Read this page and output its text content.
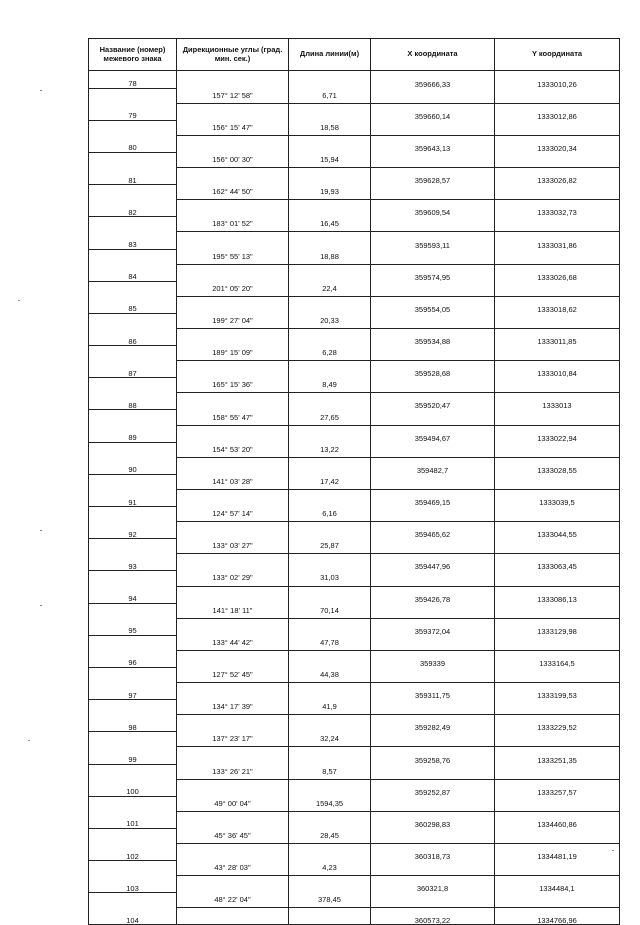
Название (номер) межевого знака	Дирекционные углы (град. мин. сек.)	Длина линии(м)	X координата	Y координата
78			359666,33	1333010,26
	157° 12' 58"	6,71		
79			359660,14	1333012,86
	156° 15' 47"	18,58		
80			359643,13	1333020,34
	156° 00' 30"	15,94		
81			359628,57	1333026,82
	162° 44' 50"	19,93		
82			359609,54	1333032,73
	183° 01' 52"	16,45		
83			359593,11	1333031,86
	195° 55' 13"	18,88		
84			359574,95	1333026,68
	201° 05' 20"	22,4		
85			359554,05	1333018,62
	199° 27' 04"	20,33		
86			359534,88	1333011,85
	189° 15' 09"	6,28		
87			359528,68	1333010,84
	165° 15' 36"	8,49		
88			359520,47	1333013
	158° 55' 47"	27,65		
89			359494,67	1333022,94
	154° 53' 20"	13,22		
90			359482,7	1333028,55
	141° 03' 28"	17,42		
91			359469,15	1333039,5
	124° 57' 14"	6,16		
92			359465,62	1333044,55
	133° 03' 27"	25,87		
93			359447,96	1333063,45
	133° 02' 29"	31,03		
94			359426,78	1333086,13
	141° 18' 11"	70,14		
95			359372,04	1333129,98
	133° 44' 42"	47,78		
96			359339	1333164,5
	127° 52' 45"	44,38		
97			359311,75	1333199,53
	134° 17' 39"	41,9		
98			359282,49	1333229,52
	137° 23' 17"	32,24		
99			359258,76	1333251,35
	133° 26' 21"	8,57		
100			359252,87	1333257,57
	49° 00' 04"	1594,35		
101			360298,83	1334460,86
	45° 36' 45"	28,45		
102			360318,73	1334481,19
	43° 28' 03"	4,23		
103			360321,8	1334484,1
	48° 22' 04"	378,45		
104			360573,22	1334766,96
